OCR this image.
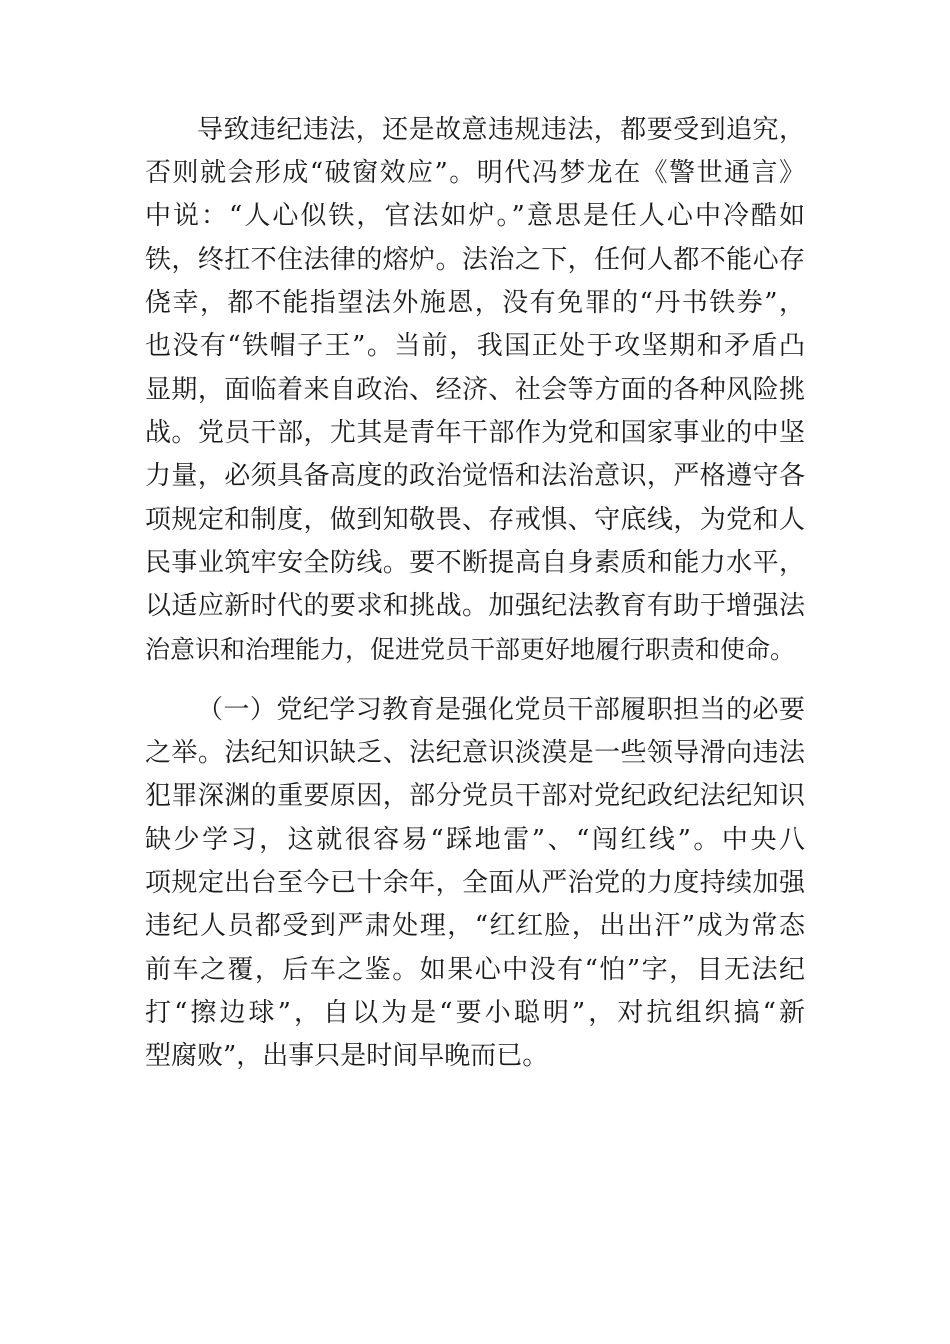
导致违纪违法，还是故意违规违法，都要受到追究，
否则就会形成“破窗效应”。明代冯梦龙在《警世通言》
中说：“人心似铁，官法如炉。”意思是任人心中冷酷如
铁，终扛不住法律的熔炉。法治之下，任何人都不能心存
侥幸，都不能指望法外施恩，没有免罪的“丹书铁券”，
也没有“铁帽子王”。当前，我国正处于攻坚期和矛盾凸
显期，面临着来自政治、经济、社会等方面的各种风险挑
战。党员干部，尤其是青年干部作为党和国家事业的中坚
力量，必须具备高度的政治觉悟和法治意识，严格遵守各
项规定和制度，做到知敬畏、存戒惧、守底线，为党和人
民事业筑牢安全防线。要不断提高自身素质和能力水平，
以适应新时代的要求和挑战。加强纪法教育有助于增强法
治意识和治理能力，促进党员干部更好地履行职责和使命。
（一）党纪学习教育是强化党员干部履职担当的必要
之举。法纪知识缺乏、法纪意识淡漠是一些领导滑向违法
犯罪深渊的重要原因，部分党员干部对党纪政纪法纪知识
缺少学习，这就很容易“踩地雷”、“闯红线”。中央八
项规定出台至今已十余年，全面从严治党的力度持续加强
违纪人员都受到严肃处理，“红红脸，出出汗”成为常态
前车之覆，后车之鉴。如果心中没有“怕”字，目无法纪
打“擦边球”，自以为是“要小聪明”，对抗组织搞“新
型腐败”，出事只是时间早晚而已。
